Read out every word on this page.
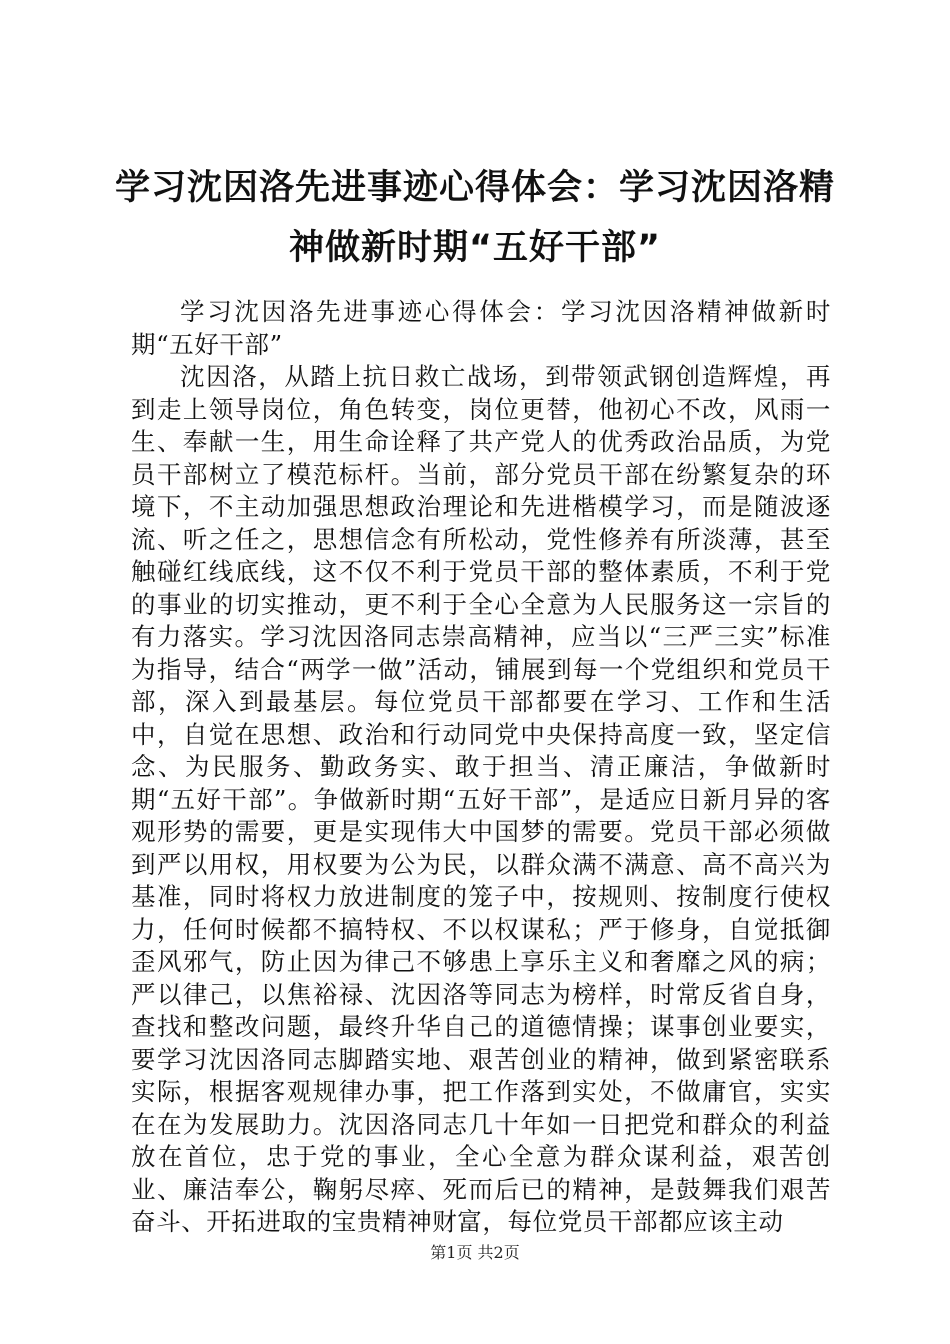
学习沈因洛先进事迹心得体会：学习沈因洛精神做新时期“五好干部”

学习沈因洛先进事迹心得体会：学习沈因洛精神做新时期“五好干部”

沈因洛，从踏上抗日救亡战场，到带领武钢创造辉煌，再到走上领导岗位，角色转变，岗位更替，他初心不改，风雨一生、奉献一生，用生命诠释了共产党人的优秀政治品质，为党员干部树立了模范标杆。当前，部分党员干部在纷繁复杂的环境下，不主动加强思想政治理论和先进楷模学习，而是随波逐流、听之任之，思想信念有所松动，党性修养有所淡薄，甚至触碰红线底线，这不仅不利于党员干部的整体素质，不利于党的事业的切实推动，更不利于全心全意为人民服务这一宗旨的有力落实。学习沈因洛同志崇高精神，应当以“三严三实”标准为指导，结合“两学一做”活动，铺展到每一个党组织和党员干部，深入到最基层。每位党员干部都要在学习、工作和生活中，自觉在思想、政治和行动同党中央保持高度一致，坚定信念、为民服务、勤政务实、敢于担当、清正廉洁，争做新时期“五好干部”。争做新时期“五好干部”，是适应日新月异的客观形势的需要，更是实现伟大中国梦的需要。党员干部必须做到严以用权，用权要为公为民，以群众满不满意、高不高兴为基准，同时将权力放进制度的笼子中，按规则、按制度行使权力，任何时候都不搞特权、不以权谋私；严于修身，自觉抵御歪风邪气，防止因为律己不够患上享乐主义和奢靡之风的病；严以律己，以焦裕禄、沈因洛等同志为榜样，时常反省自身，查找和整改问题，最终升华自己的道德情操；谋事创业要实，要学习沈因洛同志脚踏实地、艰苦创业的精神，做到紧密联系实际，根据客观规律办事，把工作落到实处，不做庸官，实实在在为发展助力。沈因洛同志几十年如一日把党和群众的利益放在首位，忠于党的事业，全心全意为群众谋利益，艰苦创业、廉洁奉公，鞠躬尽瘁、死而后已的精神，是鼓舞我们艰苦奋斗、开拓进取的宝贵精神财富，每位党员干部都应该主动

第1页 共2页
